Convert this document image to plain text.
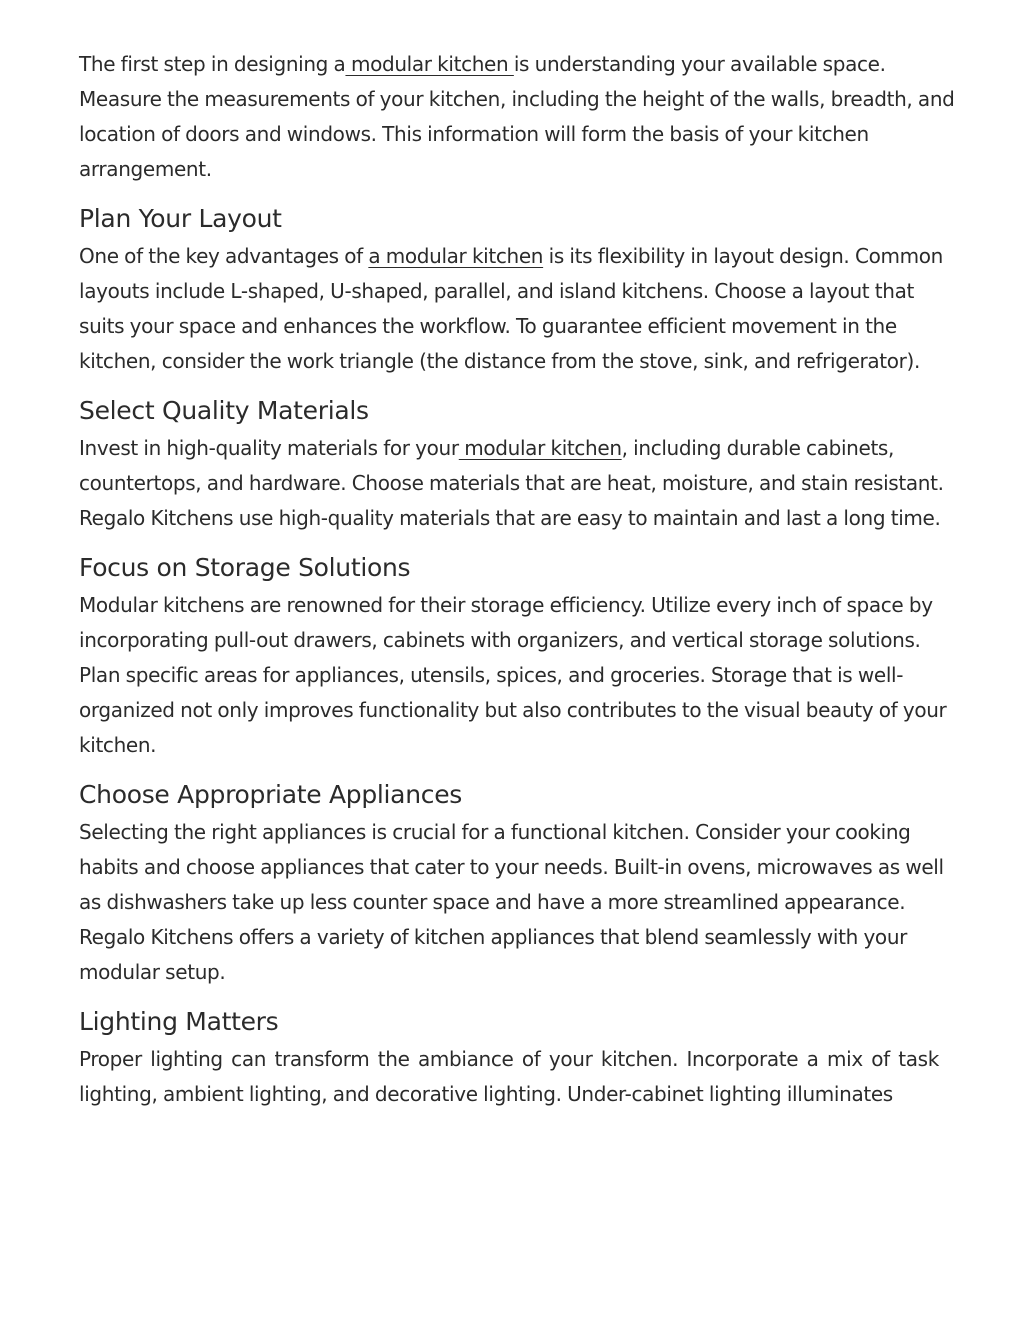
The first step in designing a modular kitchen is understanding your available space. Measure the measurements of your kitchen, including the height of the walls, breadth, and location of doors and windows. This information will form the basis of your kitchen arrangement.

Plan Your Layout

One of the key advantages of a modular kitchen is its flexibility in layout design. Common layouts include L-shaped, U-shaped, parallel, and island kitchens. Choose a layout that suits your space and enhances the workflow. To guarantee efficient movement in the kitchen, consider the work triangle (the distance from the stove, sink, and refrigerator).

Select Quality Materials

Invest in high-quality materials for your modular kitchen, including durable cabinets, countertops, and hardware. Choose materials that are heat, moisture, and stain resistant. Regalo Kitchens use high-quality materials that are easy to maintain and last a long time.

Focus on Storage Solutions

Modular kitchens are renowned for their storage efficiency. Utilize every inch of space by incorporating pull-out drawers, cabinets with organizers, and vertical storage solutions. Plan specific areas for appliances, utensils, spices, and groceries. Storage that is well-organized not only improves functionality but also contributes to the visual beauty of your kitchen.

Choose Appropriate Appliances

Selecting the right appliances is crucial for a functional kitchen. Consider your cooking habits and choose appliances that cater to your needs. Built-in ovens, microwaves as well as dishwashers take up less counter space and have a more streamlined appearance. Regalo Kitchens offers a variety of kitchen appliances that blend seamlessly with your modular setup.

Lighting Matters

Proper lighting can transform the ambiance of your kitchen. Incorporate a mix of task lighting, ambient lighting, and decorative lighting. Under-cabinet lighting illuminates
